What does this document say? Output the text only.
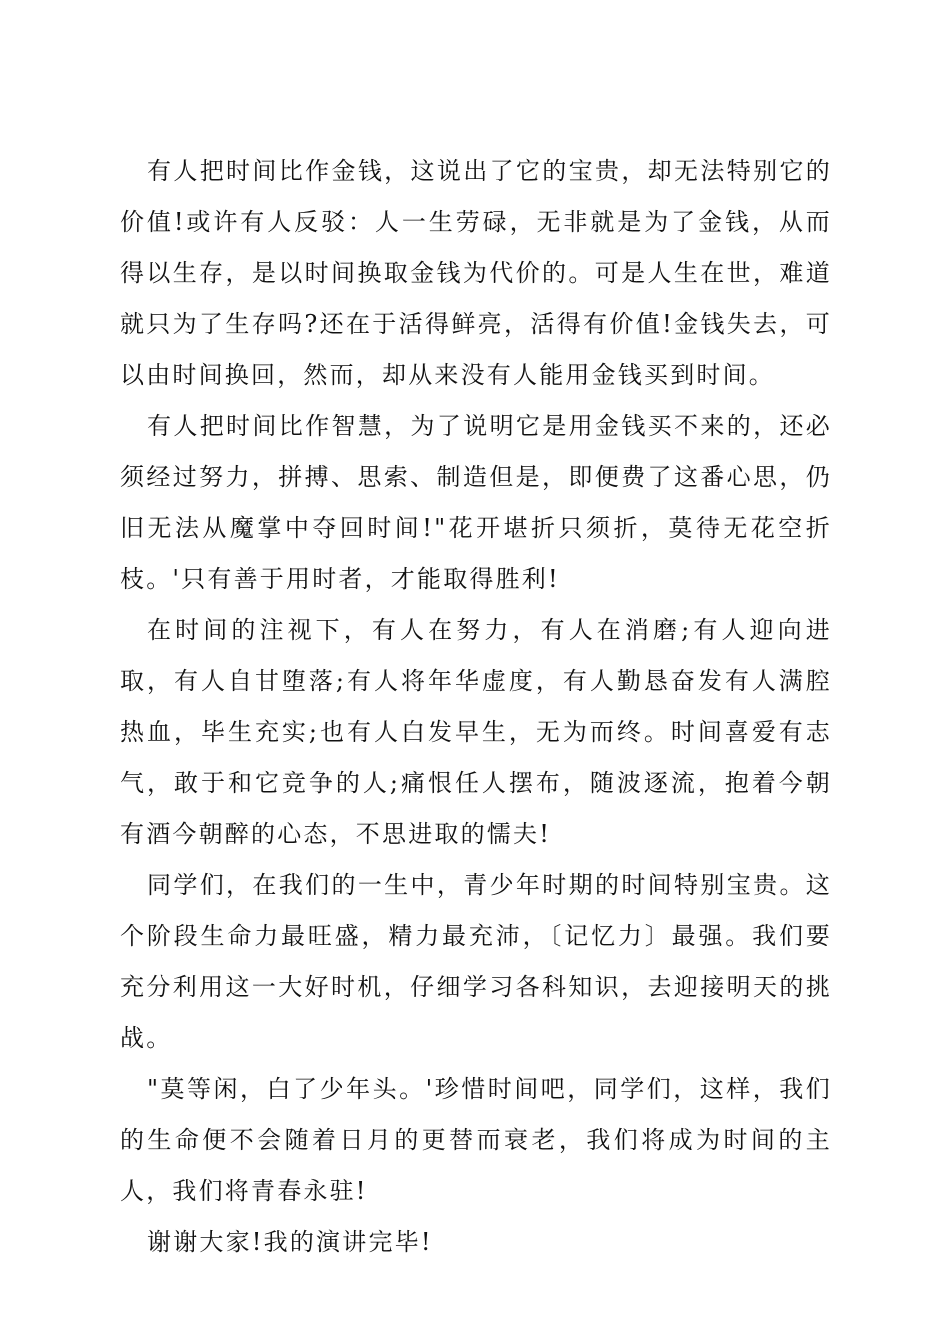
有人把时间比作金钱，这说出了它的宝贵，却无法特别它的价值!或许有人反驳：人一生劳碌，无非就是为了金钱，从而得以生存，是以时间换取金钱为代价的。可是人生在世，难道就只为了生存吗?还在于活得鲜亮，活得有价值!金钱失去，可以由时间换回，然而，却从来没有人能用金钱买到时间。

有人把时间比作智慧，为了说明它是用金钱买不来的，还必须经过努力，拼搏、思索、制造但是，即便费了这番心思，仍旧无法从魔掌中夺回时间!"花开堪折只须折，莫待无花空折枝。'只有善于用时者，才能取得胜利!

在时间的注视下，有人在努力，有人在消磨;有人迎向进取，有人自甘堕落;有人将年华虚度，有人勤恳奋发有人满腔热血，毕生充实;也有人白发早生，无为而终。时间喜爱有志气，敢于和它竞争的人;痛恨任人摆布，随波逐流，抱着今朝有酒今朝醉的心态，不思进取的懦夫!

同学们，在我们的一生中，青少年时期的时间特别宝贵。这个阶段生命力最旺盛，精力最充沛，〔记忆力〕最强。我们要充分利用这一大好时机，仔细学习各科知识，去迎接明天的挑战。

"莫等闲，白了少年头。'珍惜时间吧，同学们，这样，我们的生命便不会随着日月的更替而衰老，我们将成为时间的主人，我们将青春永驻!

谢谢大家!我的演讲完毕!
